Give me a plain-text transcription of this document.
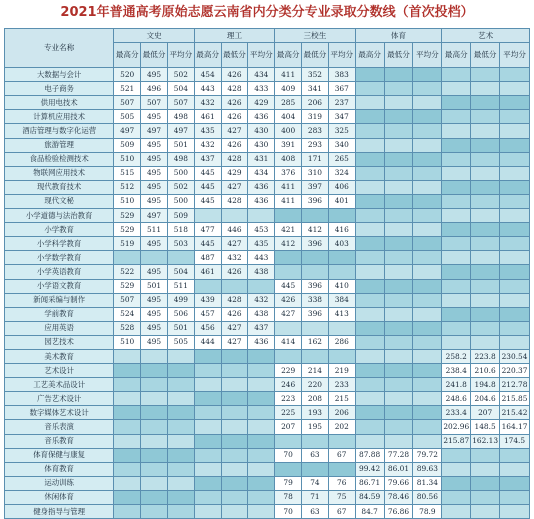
2021年普通高考原始志愿云南省内分类分专业录取分数线（首次投档）
专业名称	文史			理工			三校生			体育			艺术		
	最高分	最低分	平均分	最高分	最低分	平均分	最高分	最低分	平均分	最高分	最低分	平均分	最高分	最低分	平均分
大数据与会计	520	495	502	454	426	434	411	352	383						
电子商务	521	496	504	443	428	433	409	341	367						
供用电技术	507	507	507	432	426	429	285	206	237						
计算机应用技术	505	495	498	461	426	436	404	319	347						
酒店管理与数字化运营	497	497	497	435	427	430	400	283	325						
旅游管理	509	495	501	432	426	430	391	293	340						
食品检验检测技术	510	495	498	437	428	431	408	171	265						
物联网应用技术	515	495	500	445	429	434	376	310	324						
现代教育技术	512	495	502	445	427	436	411	397	406						
现代文秘	510	495	500	445	428	436	411	396	401						
小学道德与法治教育	529	497	509												
小学教育	529	511	518	477	446	453	421	412	416						
小学科学教育	519	495	503	445	427	435	412	396	403						
小学数学教育				487	432	443									
小学英语教育	522	495	504	461	426	438									
小学语文教育	529	501	511				445	396	410						
新闻采编与制作	507	495	499	439	428	432	426	338	384						
学前教育	524	495	506	457	426	438	427	396	413						
应用英语	528	495	501	456	427	437									
园艺技术	510	495	505	444	427	436	414	162	286						
美术教育													258.2	223.8	230.54
艺术设计							229	214	219				238.4	210.6	220.37
工艺美术品设计							246	220	233				241.8	194.8	212.78
广告艺术设计							223	208	215				248.6	204.6	215.85
数字媒体艺术设计							225	193	206				233.4	207	215.42
音乐表演							207	195	202				202.96	148.5	164.17
音乐教育													215.87	162.13	174.5
体育保健与康复							70	63	67	87.88	77.28	79.72			
体育教育										99.42	86.01	89.63			
运动训练							79	74	76	86.71	79.66	81.34			
休闲体育							78	71	75	84.59	78.46	80.56			
健身指导与管理							70	63	67	84.7	76.86	78.9			
